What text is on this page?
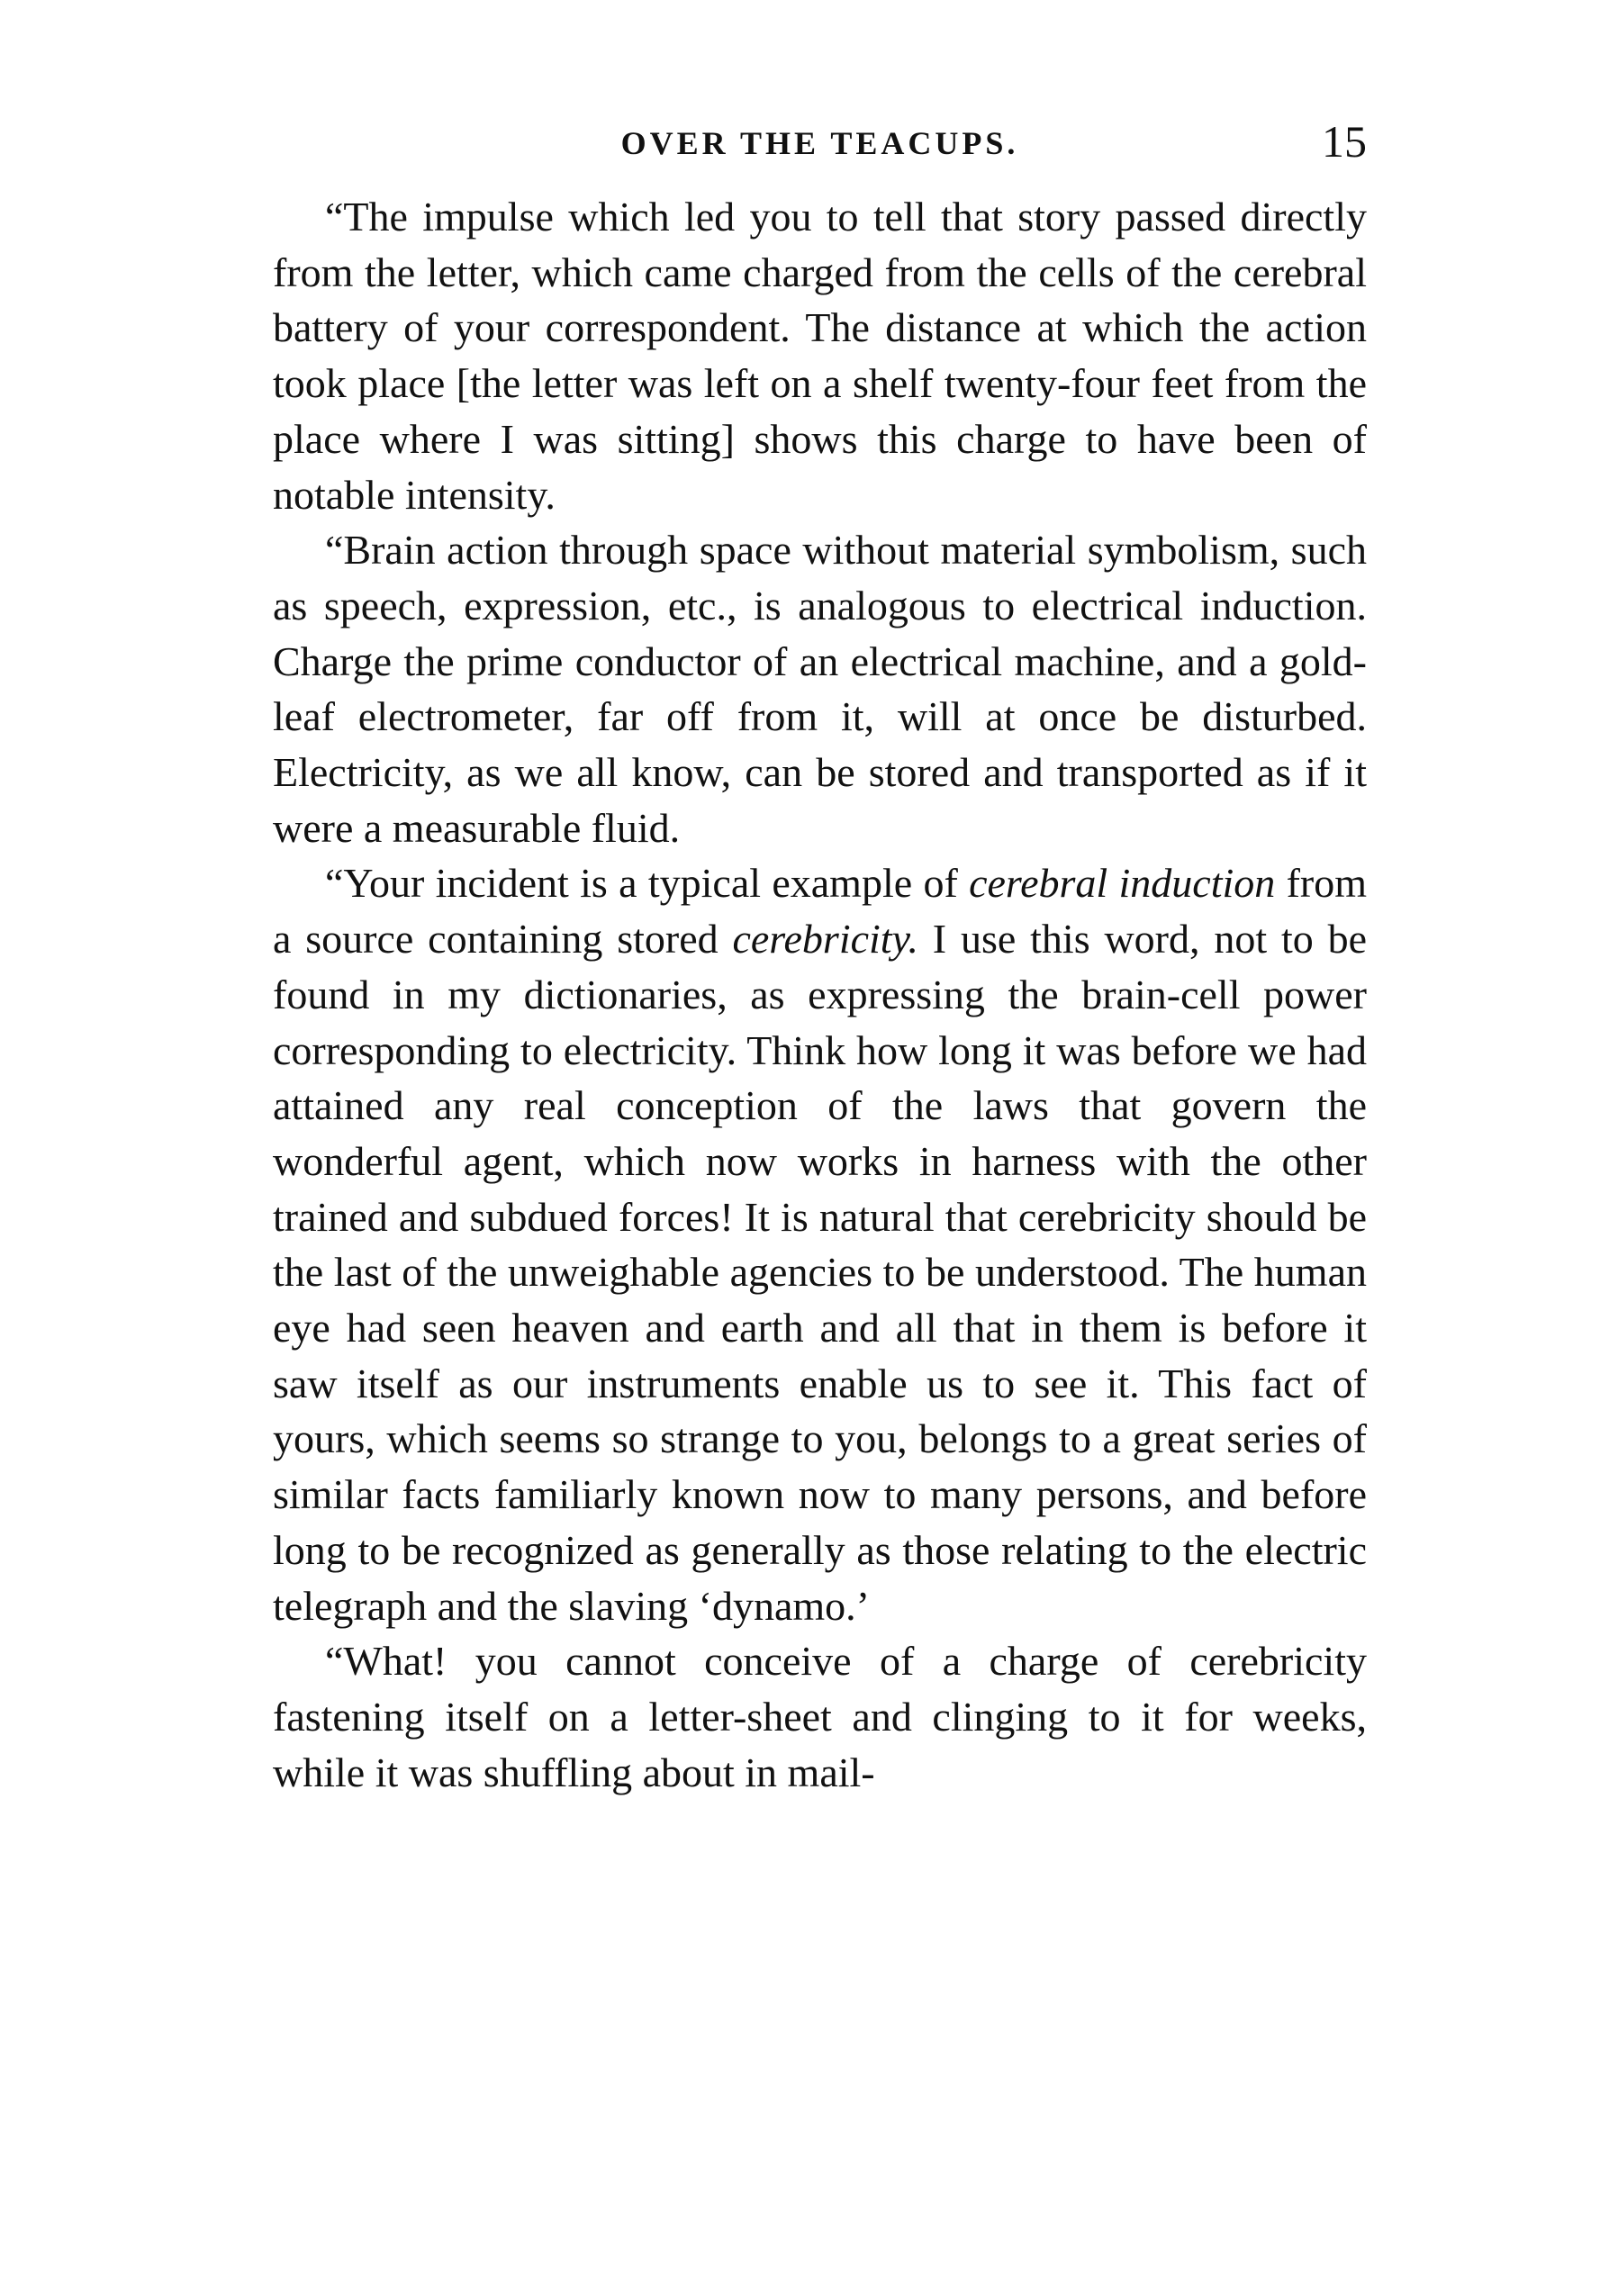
OVER THE TEACUPS.	15

“The impulse which led you to tell that story passed directly from the letter, which came charged from the cells of the cerebral battery of your correspondent. The distance at which the action took place [the letter was left on a shelf twenty-four feet from the place where I was sitting] shows this charge to have been of notable intensity.

“Brain action through space without material symbolism, such as speech, expression, etc., is analogous to electrical induction. Charge the prime conductor of an electrical machine, and a gold-leaf electrometer, far off from it, will at once be disturbed. Electricity, as we all know, can be stored and transported as if it were a measurable fluid.

“Your incident is a typical example of cerebral induction from a source containing stored cerebricity. I use this word, not to be found in my dictionaries, as expressing the brain-cell power corresponding to electricity. Think how long it was before we had attained any real conception of the laws that govern the wonderful agent, which now works in harness with the other trained and subdued forces! It is natural that cerebricity should be the last of the unweighable agencies to be understood. The human eye had seen heaven and earth and all that in them is before it saw itself as our instruments enable us to see it. This fact of yours, which seems so strange to you, belongs to a great series of similar facts familiarly known now to many persons, and before long to be recognized as generally as those relating to the electric telegraph and the slaving ‘dynamo.’

“What! you cannot conceive of a charge of cerebricity fastening itself on a letter-sheet and clinging to it for weeks, while it was shuffling about in mail-
